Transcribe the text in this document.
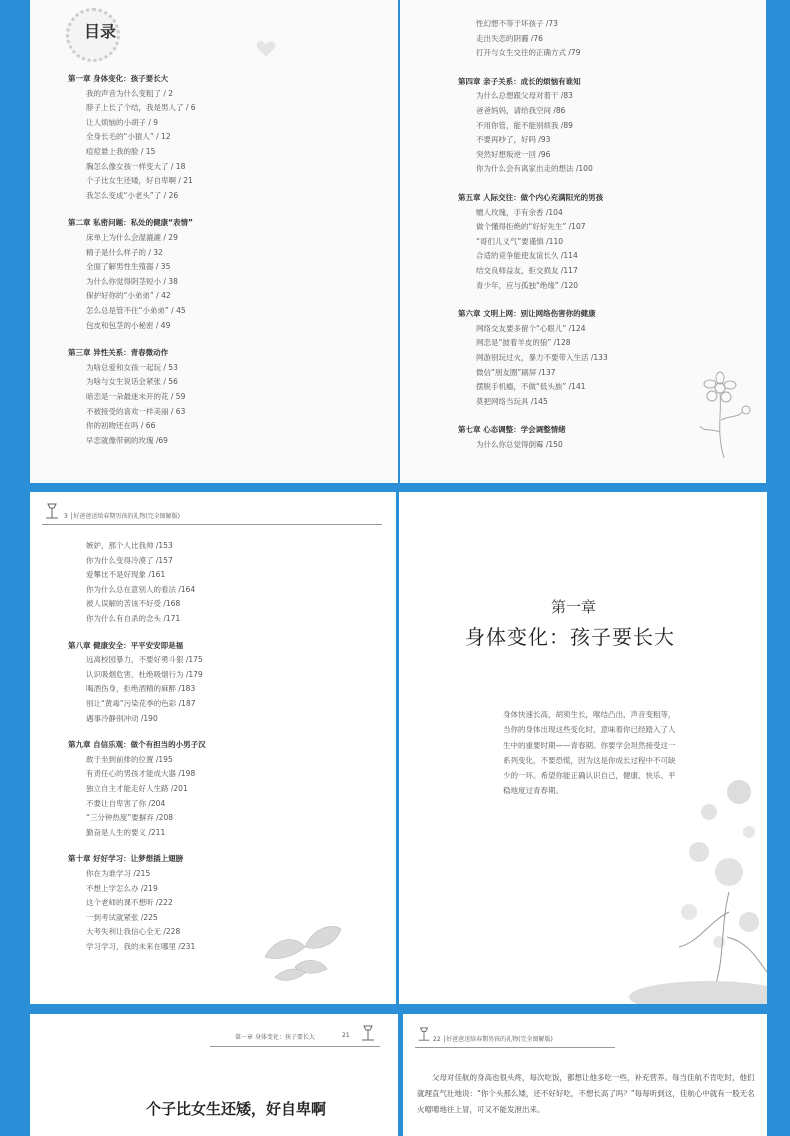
目录
第一章 身体变化：孩子要长大
我的声音为什么变粗了 / 2
脖子上长了个结，我是男人了 / 6
让人烦恼的小胡子 / 9
全身长毛的“小猿人” / 12
痘痘悬上我的脸 / 15
胸怎么像女孩一样变大了 / 18
个子比女生还矮，好自卑啊 / 21
我怎么变成“小老头”了 / 26
第二章 私密问题：私处的健康“表情”
床单上为什么会湿漉漉 / 29
精子是什么样子的 / 32
全面了解男性生殖器 / 35
为什么你觉得阴茎短小 / 38
保护好你的“小弟弟” / 42
怎么总是管不住“小弟弟” / 45
包皮和包茎的小秘密 / 49
第三章 异性关系：青春微动作
为啥总爱和女孩一起玩 / 53
为啥与女生说话会紧张 / 56
暗恋是一朵最迷未开的花 / 59
不被接受的喜欢一样美丽 / 63
你的初吻还在吗 / 66
早恋就像带刺的玫瑰 /69
性幻想不等于坏孩子 /73
走出失恋的阴霾 /76
打开与女生交往的正确方式 /79
第四章 亲子关系：成长的烦恼有谁知
为什么总想跟父母对着干 /83
爸爸妈妈，请给我空间 /86
不用你管，能不能别烦我 /89
不要再吵了，好吗 /93
突然好想叛逆一回 /96
你为什么会有离家出走的想法 /100
第五章 人际交往：做个内心充满阳光的男孩
赠人玫瑰，手有余香 /104
做个懂得拒绝的“好好先生” /107
“哥们儿义气”要谨慎 /110
合适的竞争能使友谊长久 /114
结交良师益友，拒交损友 /117
青少年，应与孤独“绝缘” /120
第六章 文明上网：别让网络伤害你的健康
网络交友要多留个“心眼儿” /124
网恋是“披着羊皮的狼” /128
网游别玩过火，暴力不要带入生活 /133
微信“朋友圈”刷屏 /137
摆脱手机瘾，不做“低头族” /141
莫把网络当玩具 /145
第七章 心态调整：学会调整情绪
为什么你总觉得倒霉 /150
3 │好爸爸送给春期男孩的礼物(完全图解版)
嫉妒，那个人比我帅 /153
你为什么变得冷漠了 /157
爱攀比不是好现象 /161
你为什么总在意别人的看法 /164
被人误解的苦该不好受 /168
你为什么有自杀的念头 /171
第八章 健康安全：平平安安即是福
远离校园暴力，不要好勇斗狠 /175
认识吸烟危害，杜绝吸烟行为 /179
喝酒伤身，拒绝酒精的麻醉 /183
别让“黄毒”污染花季的色彩 /187
遇事冷静别冲动 /190
第九章 自信乐观：做个有担当的小男子汉
敢于坐到前排的位置 /195
有责任心的男孩才能成大器 /198
独立自主才能走好人生路 /201
不要让自卑害了你 /204
“三分钟热度”要摒弃 /208
勤奋是人生的要义 /211
第十章 好好学习：让梦想插上翅膀
你在为谁学习 /215
不想上学怎么办 /219
这个老师的课不想听 /222
一到考试就紧张 /225
大考失利让我信心全无 /228
学习学习，我的未来在哪里 /231
第一章
身体变化：孩子要长大

身体快速长高，胡须生长，喉结凸出，声音变粗等，当你的身体出现这些变化时，意味着你已经踏入了人生中的重要时期——青春期。你要学会坦然接受这一系列变化，不要恐慌，因为这是你成长过程中不可缺少的一环。希望你能正确认识自己，健康、快乐、平稳地度过青春期。

第一章 身体变化：孩子要长大	21
个子比女生还矮，好自卑啊
22 │好爸爸送给春期男孩的礼物(完全图解版)

父母对佳航的身高也很头疼，每次吃饭，都想让他多吃一些，补充营养。每当佳航不肯吃时，他们就理直气壮地说：“你个头那么矮，还不好好吃，不想长高了吗？”每每听到这，佳航心中就有一股无名火噌噌地往上冒，可又不能发泄出来。
